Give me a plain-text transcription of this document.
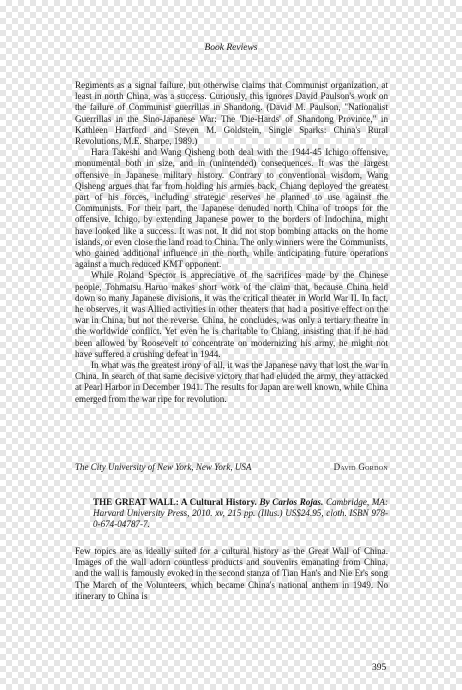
Book Reviews

Regiments as a signal failure, but otherwise claims that Communist organization, at least in north China, was a success. Curiously, this ignores David Paulson's work on the failure of Communist guerrillas in Shandong. (David M. Paulson, "Nationalist Guerrillas in the Sino-Japanese War: The 'Die-Hards' of Shandong Province," in Kathleen Hartford and Steven M. Goldstein, Single Sparks: China's Rural Revolutions, M.E. Sharpe, 1989.)

Hara Takeshi and Wang Qisheng both deal with the 1944-45 Ichigo offensive, monumental both in size, and in (unintended) consequences. It was the largest offensive in Japanese military history. Contrary to conventional wisdom, Wang Qisheng argues that far from holding his armies back, Chiang deployed the greatest part of his forces, including strategic reserves he planned to use against the Communists. For their part, the Japanese denuded north China of troops for the offensive. Ichigo, by extending Japanese power to the borders of Indochina, might have looked like a success. It was not. It did not stop bombing attacks on the home islands, or even close the land road to China. The only winners were the Communists, who gained additional influence in the north, while anticipating future operations against a much reduced KMT opponent.

While Roland Spector is appreciative of the sacrifices made by the Chinese people, Tohmatsu Haruo makes short work of the claim that, because China held down so many Japanese divisions, it was the critical theater in World War II. In fact, he observes, it was Allied activities in other theaters that had a positive effect on the war in China, but not the reverse. China, he concludes, was only a tertiary theatre in the worldwide conflict. Yet even he is charitable to Chiang, insisting that if he had been allowed by Roosevelt to concentrate on modernizing his army, he might not have suffered a crushing defeat in 1944.

In what was the greatest irony of all, it was the Japanese navy that lost the war in China. In search of that same decisive victory that had eluded the army, they attacked at Pearl Harbor in December 1941. The results for Japan are well known, while China emerged from the war ripe for revolution.

The City University of New York, New York, USA	David Gordon
THE GREAT WALL: A Cultural History. By Carlos Rojas. Cambridge, MA: Harvard University Press, 2010. xv, 215 pp. (Illus.) US$24.95, cloth. ISBN 978-0-674-04787-7.

Few topics are as ideally suited for a cultural history as the Great Wall of China. Images of the wall adorn countless products and souvenirs emanating from China, and the wall is famously evoked in the second stanza of Tian Han's and Nie Er's song The March of the Volunteers, which became China's national anthem in 1949. No itinerary to China is

395
